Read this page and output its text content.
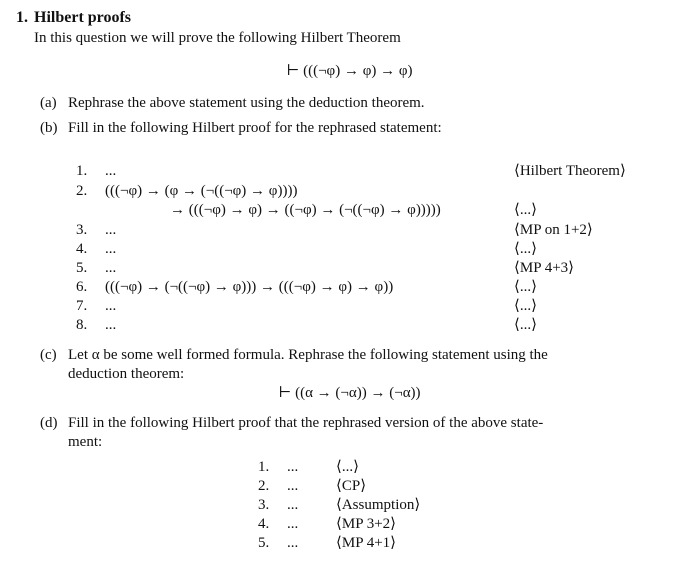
1. Hilbert proofs
In this question we will prove the following Hilbert Theorem
⊢ (((¬φ) → φ) → φ)
(a) Rephrase the above statement using the deduction theorem.
(b) Fill in the following Hilbert proof for the rephrased statement:
1. ...	⟨Hilbert Theorem⟩
2. (((¬φ) → (φ → (¬((¬φ) → φ))))
→ (((¬φ) → φ) → ((¬φ) → (¬((¬φ) → φ)))))	⟨...⟩
3. ...	⟨MP on 1+2⟩
4. ...	⟨...⟩
5. ...	⟨MP 4+3⟩
6. (((¬φ) → (¬((¬φ) → φ))) → (((¬φ) → φ) → φ))	⟨...⟩
7. ...	⟨...⟩
8. ...	⟨...⟩
(c) Let α be some well formed formula. Rephrase the following statement using the
deduction theorem:
⊢ ((α → (¬α)) → (¬α))
(d) Fill in the following Hilbert proof that the rephrased version of the above state-
ment:
1. ...	⟨...⟩
2. ...	⟨CP⟩
3. ...	⟨Assumption⟩
4. ...	⟨MP 3+2⟩
5. ...	⟨MP 4+1⟩
